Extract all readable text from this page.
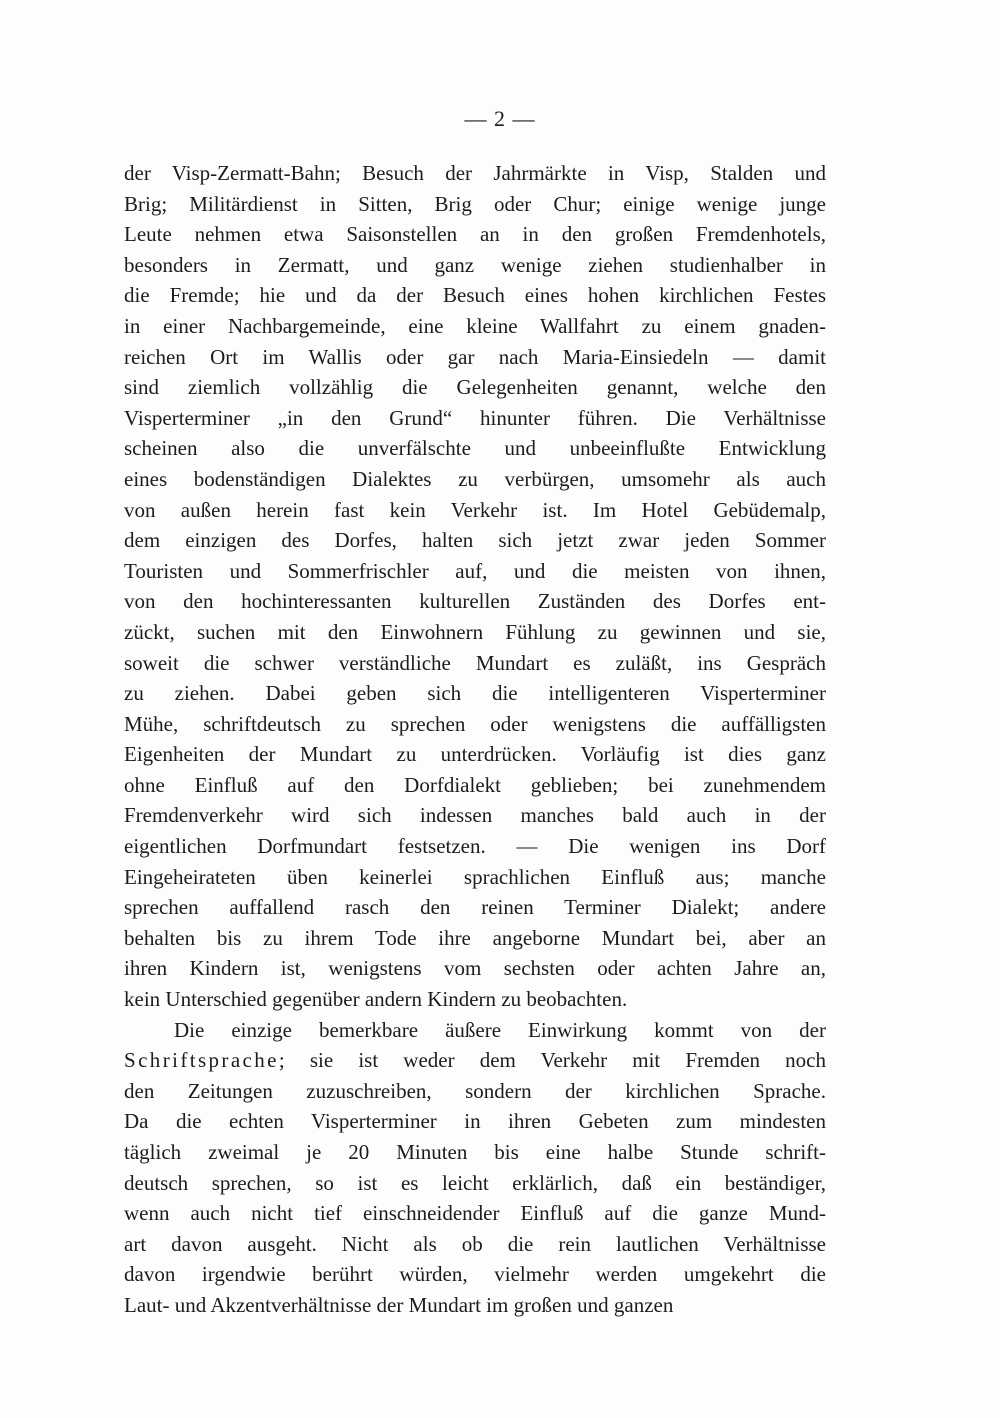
— 2 —
der Visp-Zermatt-Bahn; Besuch der Jahrmärkte in Visp, Stalden und
Brig; Militärdienst in Sitten, Brig oder Chur; einige wenige junge
Leute nehmen etwa Saisonstellen an in den großen Fremdenhotels,
besonders in Zermatt, und ganz wenige ziehen studienhalber in
die Fremde; hie und da der Besuch eines hohen kirchlichen Festes
in einer Nachbargemeinde, eine kleine Wallfahrt zu einem gnaden-
reichen Ort im Wallis oder gar nach Maria-Einsiedeln — damit
sind ziemlich vollzählig die Gelegenheiten genannt, welche den
Visperterminer „in den Grund“ hinunter führen. Die Verhältnisse
scheinen also die unverfälschte und unbeeinflußte Entwicklung
eines bodenständigen Dialektes zu verbürgen, umsomehr als auch
von außen herein fast kein Verkehr ist. Im Hotel Gebüdemalp,
dem einzigen des Dorfes, halten sich jetzt zwar jeden Sommer
Touristen und Sommerfrischler auf, und die meisten von ihnen,
von den hochinteressanten kulturellen Zuständen des Dorfes ent-
zückt, suchen mit den Einwohnern Fühlung zu gewinnen und sie,
soweit die schwer verständliche Mundart es zuläßt, ins Gespräch
zu ziehen. Dabei geben sich die intelligenteren Visperterminer
Mühe, schriftdeutsch zu sprechen oder wenigstens die auffälligsten
Eigenheiten der Mundart zu unterdrücken. Vorläufig ist dies ganz
ohne Einfluß auf den Dorfdialekt geblieben; bei zunehmendem
Fremdenverkehr wird sich indessen manches bald auch in der
eigentlichen Dorfmundart festsetzen. — Die wenigen ins Dorf
Eingeheirateten üben keinerlei sprachlichen Einfluß aus; manche
sprechen auffallend rasch den reinen Terminer Dialekt; andere
behalten bis zu ihrem Tode ihre angeborne Mundart bei, aber an
ihren Kindern ist, wenigstens vom sechsten oder achten Jahre an,
kein Unterschied gegenüber andern Kindern zu beobachten.
Die einzige bemerkbare äußere Einwirkung kommt von der
Schriftsprache; sie ist weder dem Verkehr mit Fremden noch
den Zeitungen zuzuschreiben, sondern der kirchlichen Sprache.
Da die echten Visperterminer in ihren Gebeten zum mindesten
täglich zweimal je 20 Minuten bis eine halbe Stunde schrift-
deutsch sprechen, so ist es leicht erklärlich, daß ein beständiger,
wenn auch nicht tief einschneidender Einfluß auf die ganze Mund-
art davon ausgeht. Nicht als ob die rein lautlichen Verhältnisse
davon irgendwie berührt würden, vielmehr werden umgekehrt die
Laut- und Akzentverhältnisse der Mundart im großen und ganzen
